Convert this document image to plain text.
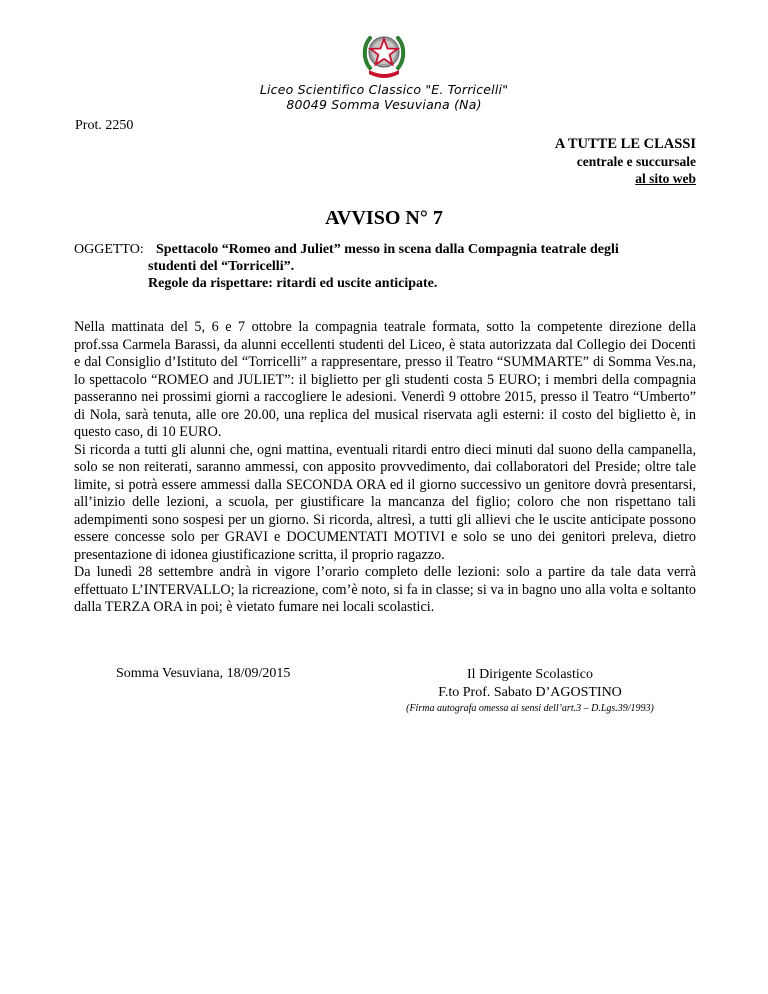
Liceo Scientifico Classico "E. Torricelli"
80049 Somma Vesuviana (Na)
Prot. 2250
A TUTTE LE CLASSI
centrale e succursale
al sito web
AVVISO N° 7
OGGETTO: Spettacolo “Romeo and Juliet” messo in scena dalla Compagnia teatrale degli
studenti del “Torricelli”.
Regole da rispettare: ritardi ed uscite anticipate.

Nella mattinata del 5, 6 e 7 ottobre la compagnia teatrale formata, sotto la competente direzione della prof.ssa Carmela Barassi, da alunni eccellenti studenti del Liceo, è stata autorizzata dal Collegio dei Docenti e dal Consiglio d’Istituto del “Torricelli” a rappresentare, presso il Teatro “SUMMARTE” di Somma Ves.na, lo spettacolo “ROMEO and JULIET”: il biglietto per gli studenti costa 5 EURO; i membri della compagnia passeranno nei prossimi giorni a raccogliere le adesioni. Venerdì 9 ottobre 2015, presso il Teatro “Umberto” di Nola, sarà tenuta, alle ore 20.00, una replica del musical riservata agli esterni: il costo del biglietto è, in questo caso, di 10 EURO.

Si ricorda a tutti gli alunni che, ogni mattina, eventuali ritardi entro dieci minuti dal suono della campanella, solo se non reiterati, saranno ammessi, con apposito provvedimento, dai collaboratori del Preside; oltre tale limite, si potrà essere ammessi dalla SECONDA ORA ed il giorno successivo un genitore dovrà presentarsi, all’inizio delle lezioni, a scuola, per giustificare la mancanza del figlio; coloro che non rispettano tali adempimenti sono sospesi per un giorno. Si ricorda, altresì, a tutti gli allievi che le uscite anticipate possono essere concesse solo per GRAVI e DOCUMENTATI MOTIVI e solo se uno dei genitori preleva, dietro presentazione di idonea giustificazione scritta, il proprio ragazzo.

Da lunedì 28 settembre andrà in vigore l’orario completo delle lezioni: solo a partire da tale data verrà effettuato L’INTERVALLO; la ricreazione, com’è noto, si fa in classe; si va in bagno uno alla volta e soltanto dalla TERZA ORA in poi; è vietato fumare nei locali scolastici.

Somma Vesuviana, 18/09/2015	Il Dirigente Scolastico
F.to Prof. Sabato D’AGOSTINO
(Firma autografa omessa ai sensi dell’art.3 – D.Lgs.39/1993)
